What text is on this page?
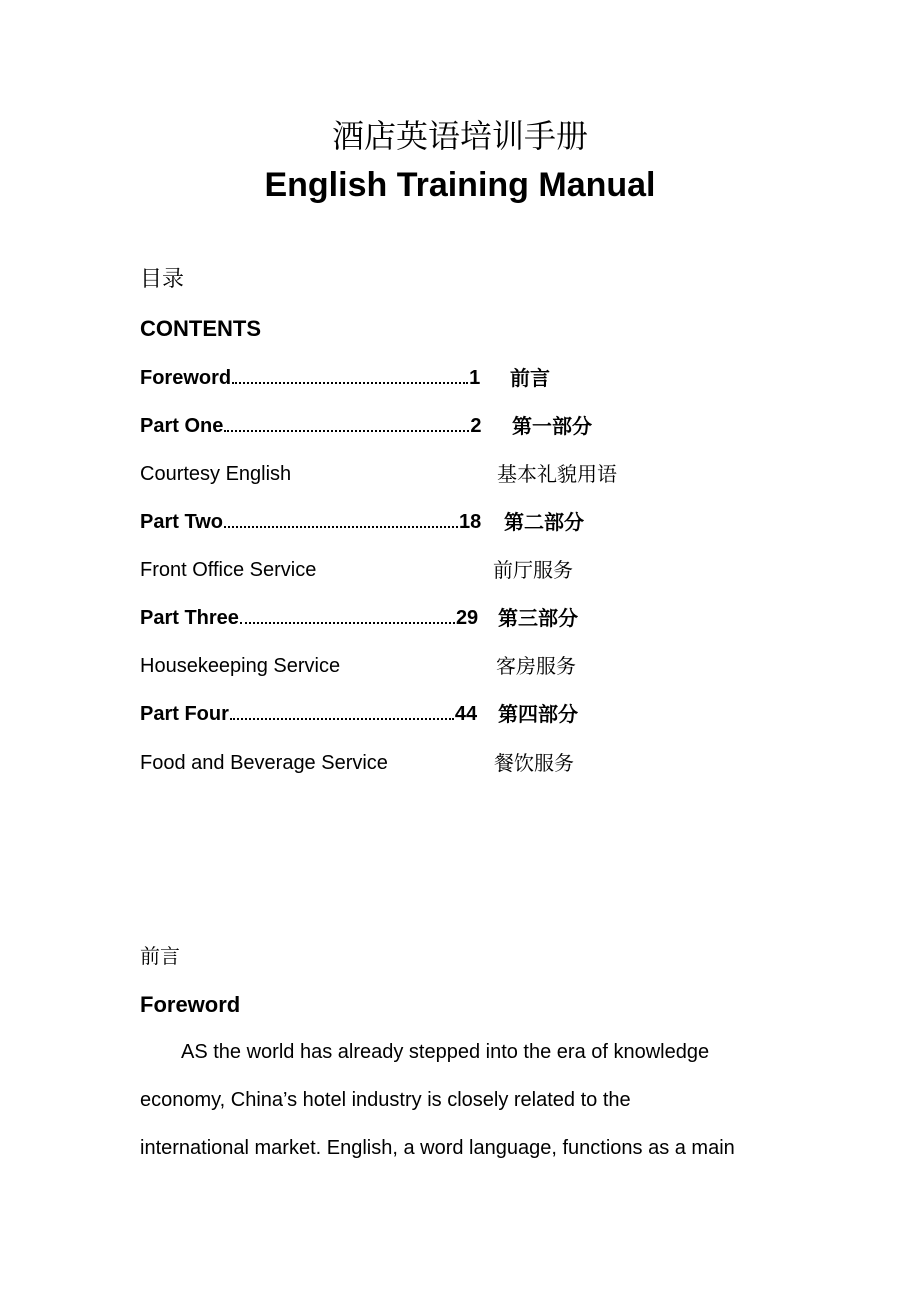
酒店英语培训手册
English Training Manual
目录
CONTENTS
Foreword	1 前言
Part One	2 第一部分
Courtesy English	基本礼貌用语
Part Two	18 第二部分
Front Office Service	前厅服务
Part Three	29 第三部分
Housekeeping Service	客房服务
Part Four	44 第四部分
Food and Beverage Service	餐饮服务
前言
Foreword
AS the world has already stepped into the era of knowledge
economy, China’s hotel industry is closely related to the
international market. English, a word language, functions as a main
